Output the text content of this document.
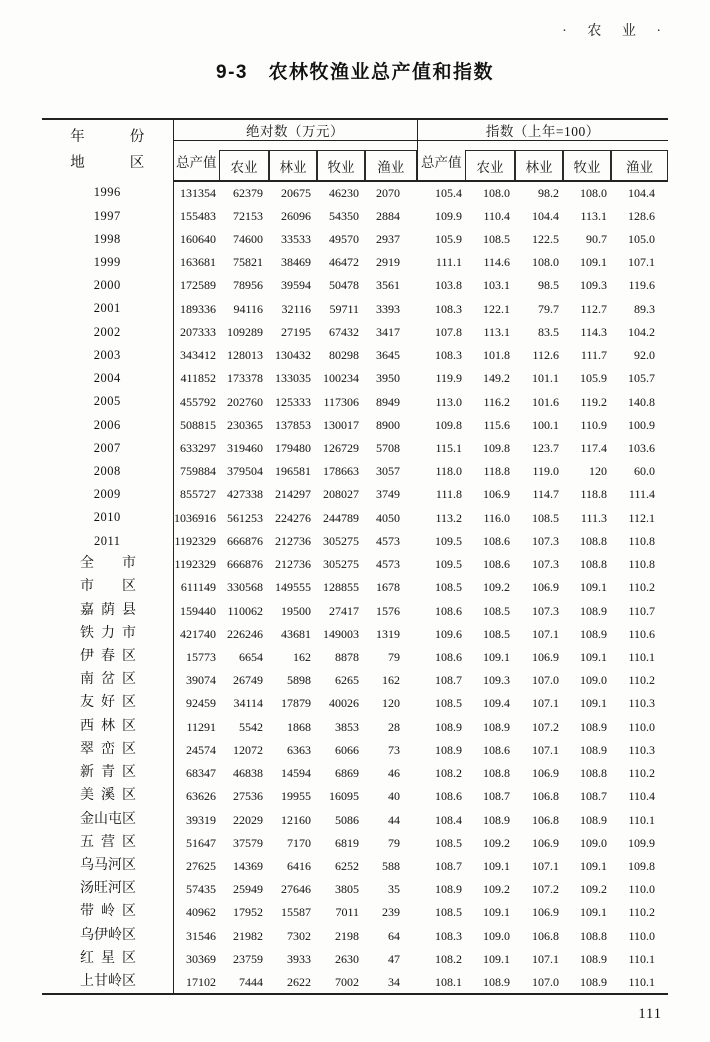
· 农 业 ·
9-3　农林牧渔业总产值和指数
年份
地区	绝对数（万元）					指数（上年=100）				
	总产值	农业	林业	牧业	渔业	总产值	农业	林业	牧业	渔业

1996	131354	62379	20675	46230	2070	105.4	108.0	98.2	108.0	104.4

1997	155483	72153	26096	54350	2884	109.9	110.4	104.4	113.1	128.6

1998	160640	74600	33533	49570	2937	105.9	108.5	122.5	90.7	105.0

1999	163681	75821	38469	46472	2919	111.1	114.6	108.0	109.1	107.1

2000	172589	78956	39594	50478	3561	103.8	103.1	98.5	109.3	119.6

2001	189336	94116	32116	59711	3393	108.3	122.1	79.7	112.7	89.3

2002	207333	109289	27195	67432	3417	107.8	113.1	83.5	114.3	104.2

2003	343412	128013	130432	80298	3645	108.3	101.8	112.6	111.7	92.0

2004	411852	173378	133035	100234	3950	119.9	149.2	101.1	105.9	105.7

2005	455792	202760	125333	117306	8949	113.0	116.2	101.6	119.2	140.8

2006	508815	230365	137853	130017	8900	109.8	115.6	100.1	110.9	100.9

2007	633297	319460	179480	126729	5708	115.1	109.8	123.7	117.4	103.6

2008	759884	379504	196581	178663	3057	118.0	118.8	119.0	120	60.0

2009	855727	427338	214297	208027	3749	111.8	106.9	114.7	118.8	111.4

2010	1036916	561253	224276	244789	4050	113.2	116.0	108.5	111.3	112.1

2011	1192329	666876	212736	305275	4573	109.5	108.6	107.3	108.8	110.8

全市	1192329	666876	212736	305275	4573	109.5	108.6	107.3	108.8	110.8

市区	611149	330568	149555	128855	1678	108.5	109.2	106.9	109.1	110.2

嘉荫县	159440	110062	19500	27417	1576	108.6	108.5	107.3	108.9	110.7

铁力市	421740	226246	43681	149003	1319	109.6	108.5	107.1	108.9	110.6

伊春区	15773	6654	162	8878	79	108.6	109.1	106.9	109.1	110.1

南岔区	39074	26749	5898	6265	162	108.7	109.3	107.0	109.0	110.2

友好区	92459	34114	17879	40026	120	108.5	109.4	107.1	109.1	110.3

西林区	11291	5542	1868	3853	28	108.9	108.9	107.2	108.9	110.0

翠峦区	24574	12072	6363	6066	73	108.9	108.6	107.1	108.9	110.3

新青区	68347	46838	14594	6869	46	108.2	108.8	106.9	108.8	110.2

美溪区	63626	27536	19955	16095	40	108.6	108.7	106.8	108.7	110.4

金山屯区	39319	22029	12160	5086	44	108.4	108.9	106.8	108.9	110.1

五营区	51647	37579	7170	6819	79	108.5	109.2	106.9	109.0	109.9

乌马河区	27625	14369	6416	6252	588	108.7	109.1	107.1	109.1	109.8

汤旺河区	57435	25949	27646	3805	35	108.9	109.2	107.2	109.2	110.0

带岭区	40962	17952	15587	7011	239	108.5	109.1	106.9	109.1	110.2

乌伊岭区	31546	21982	7302	2198	64	108.3	109.0	106.8	108.8	110.0

红星区	30369	23759	3933	2630	47	108.2	109.1	107.1	108.9	110.1

上甘岭区	17102	7444	2622	7002	34	108.1	108.9	107.0	108.9	110.1
111
